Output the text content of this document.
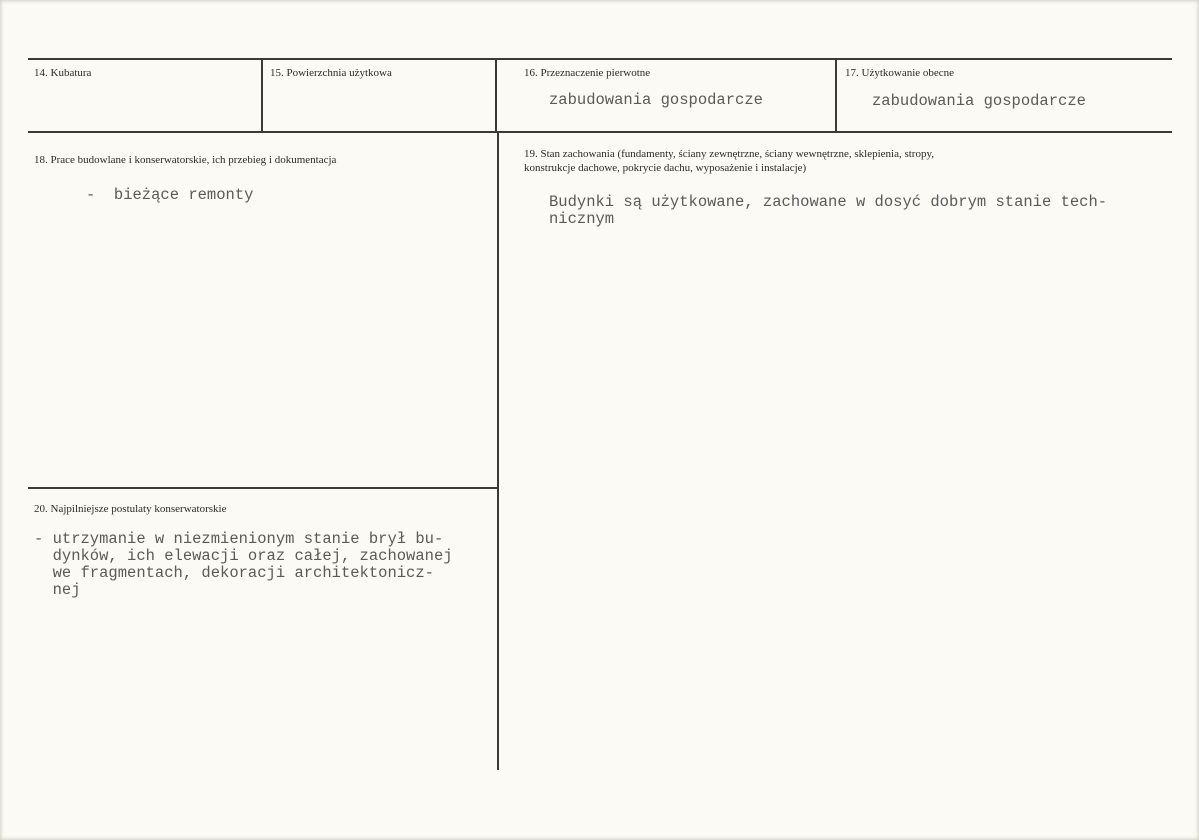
14. Kubatura	15. Powierzchnia użytkowa	16. Przeznaczenie pierwotne
zabudowania gospodarcze
17. Użytkowanie obecne
zabudowania gospodarcze
18. Prace budowlane i konserwatorskie, ich przebieg i dokumentacja
-  bieżące remonty
19. Stan zachowania (fundamenty, ściany zewnętrzne, ściany wewnętrzne, sklepienia, stropy,
konstrukcje dachowe, pokrycie dachu, wyposażenie i instalacje)
Budynki są użytkowane, zachowane w dosyć dobrym stanie tech-
nicznym
20. Najpilniejsze postulaty konserwatorskie
- utrzymanie w niezmienionym stanie brył bu-
dynków, ich elewacji oraz całej, zachowanej
we fragmentach, dekoracji architektonicz-
nej
